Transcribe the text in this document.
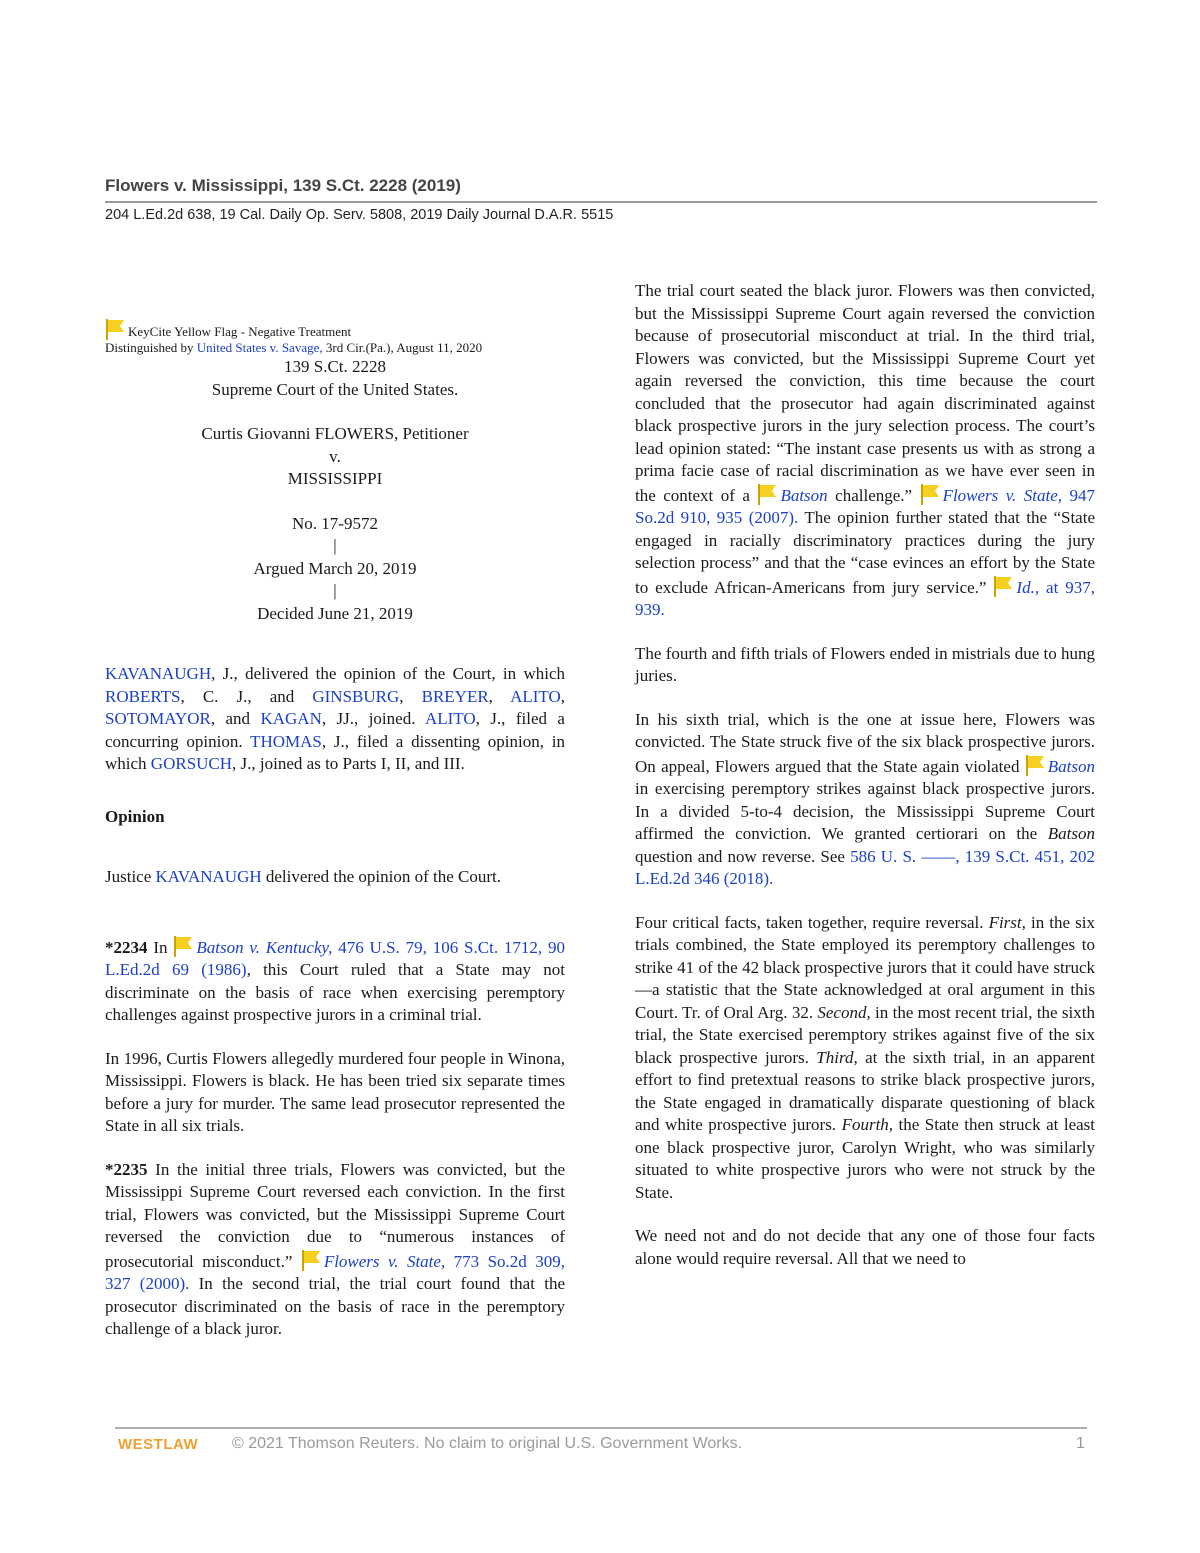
Flowers v. Mississippi, 139 S.Ct. 2228 (2019)
204 L.Ed.2d 638, 19 Cal. Daily Op. Serv. 5808, 2019 Daily Journal D.A.R. 5515
KeyCite Yellow Flag - Negative Treatment
Distinguished by United States v. Savage, 3rd Cir.(Pa.), August 11, 2020
139 S.Ct. 2228
Supreme Court of the United States.
Curtis Giovanni FLOWERS, Petitioner
v.
MISSISSIPPI
No. 17-9572
|
Argued March 20, 2019
|
Decided June 21, 2019

KAVANAUGH, J., delivered the opinion of the Court, in which ROBERTS, C. J., and GINSBURG, BREYER, ALITO, SOTOMAYOR, and KAGAN, JJ., joined. ALITO, J., filed a concurring opinion. THOMAS, J., filed a dissenting opinion, in which GORSUCH, J., joined as to Parts I, II, and III.

Opinion

Justice KAVANAUGH delivered the opinion of the Court.

*2234 In Batson v. Kentucky, 476 U.S. 79, 106 S.Ct. 1712, 90 L.Ed.2d 69 (1986), this Court ruled that a State may not discriminate on the basis of race when exercising peremptory challenges against prospective jurors in a criminal trial.

In 1996, Curtis Flowers allegedly murdered four people in Winona, Mississippi. Flowers is black. He has been tried six separate times before a jury for murder. The same lead prosecutor represented the State in all six trials.

*2235 In the initial three trials, Flowers was convicted, but the Mississippi Supreme Court reversed each conviction. In the first trial, Flowers was convicted, but the Mississippi Supreme Court reversed the conviction due to “numerous instances of prosecutorial misconduct.” Flowers v. State, 773 So.2d 309, 327 (2000). In the second trial, the trial court found that the prosecutor discriminated on the basis of race in the peremptory challenge of a black juror.

The trial court seated the black juror. Flowers was then convicted, but the Mississippi Supreme Court again reversed the conviction because of prosecutorial misconduct at trial. In the third trial, Flowers was convicted, but the Mississippi Supreme Court yet again reversed the conviction, this time because the court concluded that the prosecutor had again discriminated against black prospective jurors in the jury selection process. The court’s lead opinion stated: “The instant case presents us with as strong a prima facie case of racial discrimination as we have ever seen in the context of a Batson challenge.” Flowers v. State, 947 So.2d 910, 935 (2007). The opinion further stated that the “State engaged in racially discriminatory practices during the jury selection process” and that the “case evinces an effort by the State to exclude African-Americans from jury service.” Id., at 937, 939.

The fourth and fifth trials of Flowers ended in mistrials due to hung juries.

In his sixth trial, which is the one at issue here, Flowers was convicted. The State struck five of the six black prospective jurors. On appeal, Flowers argued that the State again violated Batson in exercising peremptory strikes against black prospective jurors. In a divided 5-to-4 decision, the Mississippi Supreme Court affirmed the conviction. We granted certiorari on the Batson question and now reverse. See 586 U. S. ––––, 139 S.Ct. 451, 202 L.Ed.2d 346 (2018).

Four critical facts, taken together, require reversal. First, in the six trials combined, the State employed its peremptory challenges to strike 41 of the 42 black prospective jurors that it could have struck—a statistic that the State acknowledged at oral argument in this Court. Tr. of Oral Arg. 32. Second, in the most recent trial, the sixth trial, the State exercised peremptory strikes against five of the six black prospective jurors. Third, at the sixth trial, in an apparent effort to find pretextual reasons to strike black prospective jurors, the State engaged in dramatically disparate questioning of black and white prospective jurors. Fourth, the State then struck at least one black prospective juror, Carolyn Wright, who was similarly situated to white prospective jurors who were not struck by the State.

We need not and do not decide that any one of those four facts alone would require reversal. All that we need to

WESTLAW © 2021 Thomson Reuters. No claim to original U.S. Government Works.	1
